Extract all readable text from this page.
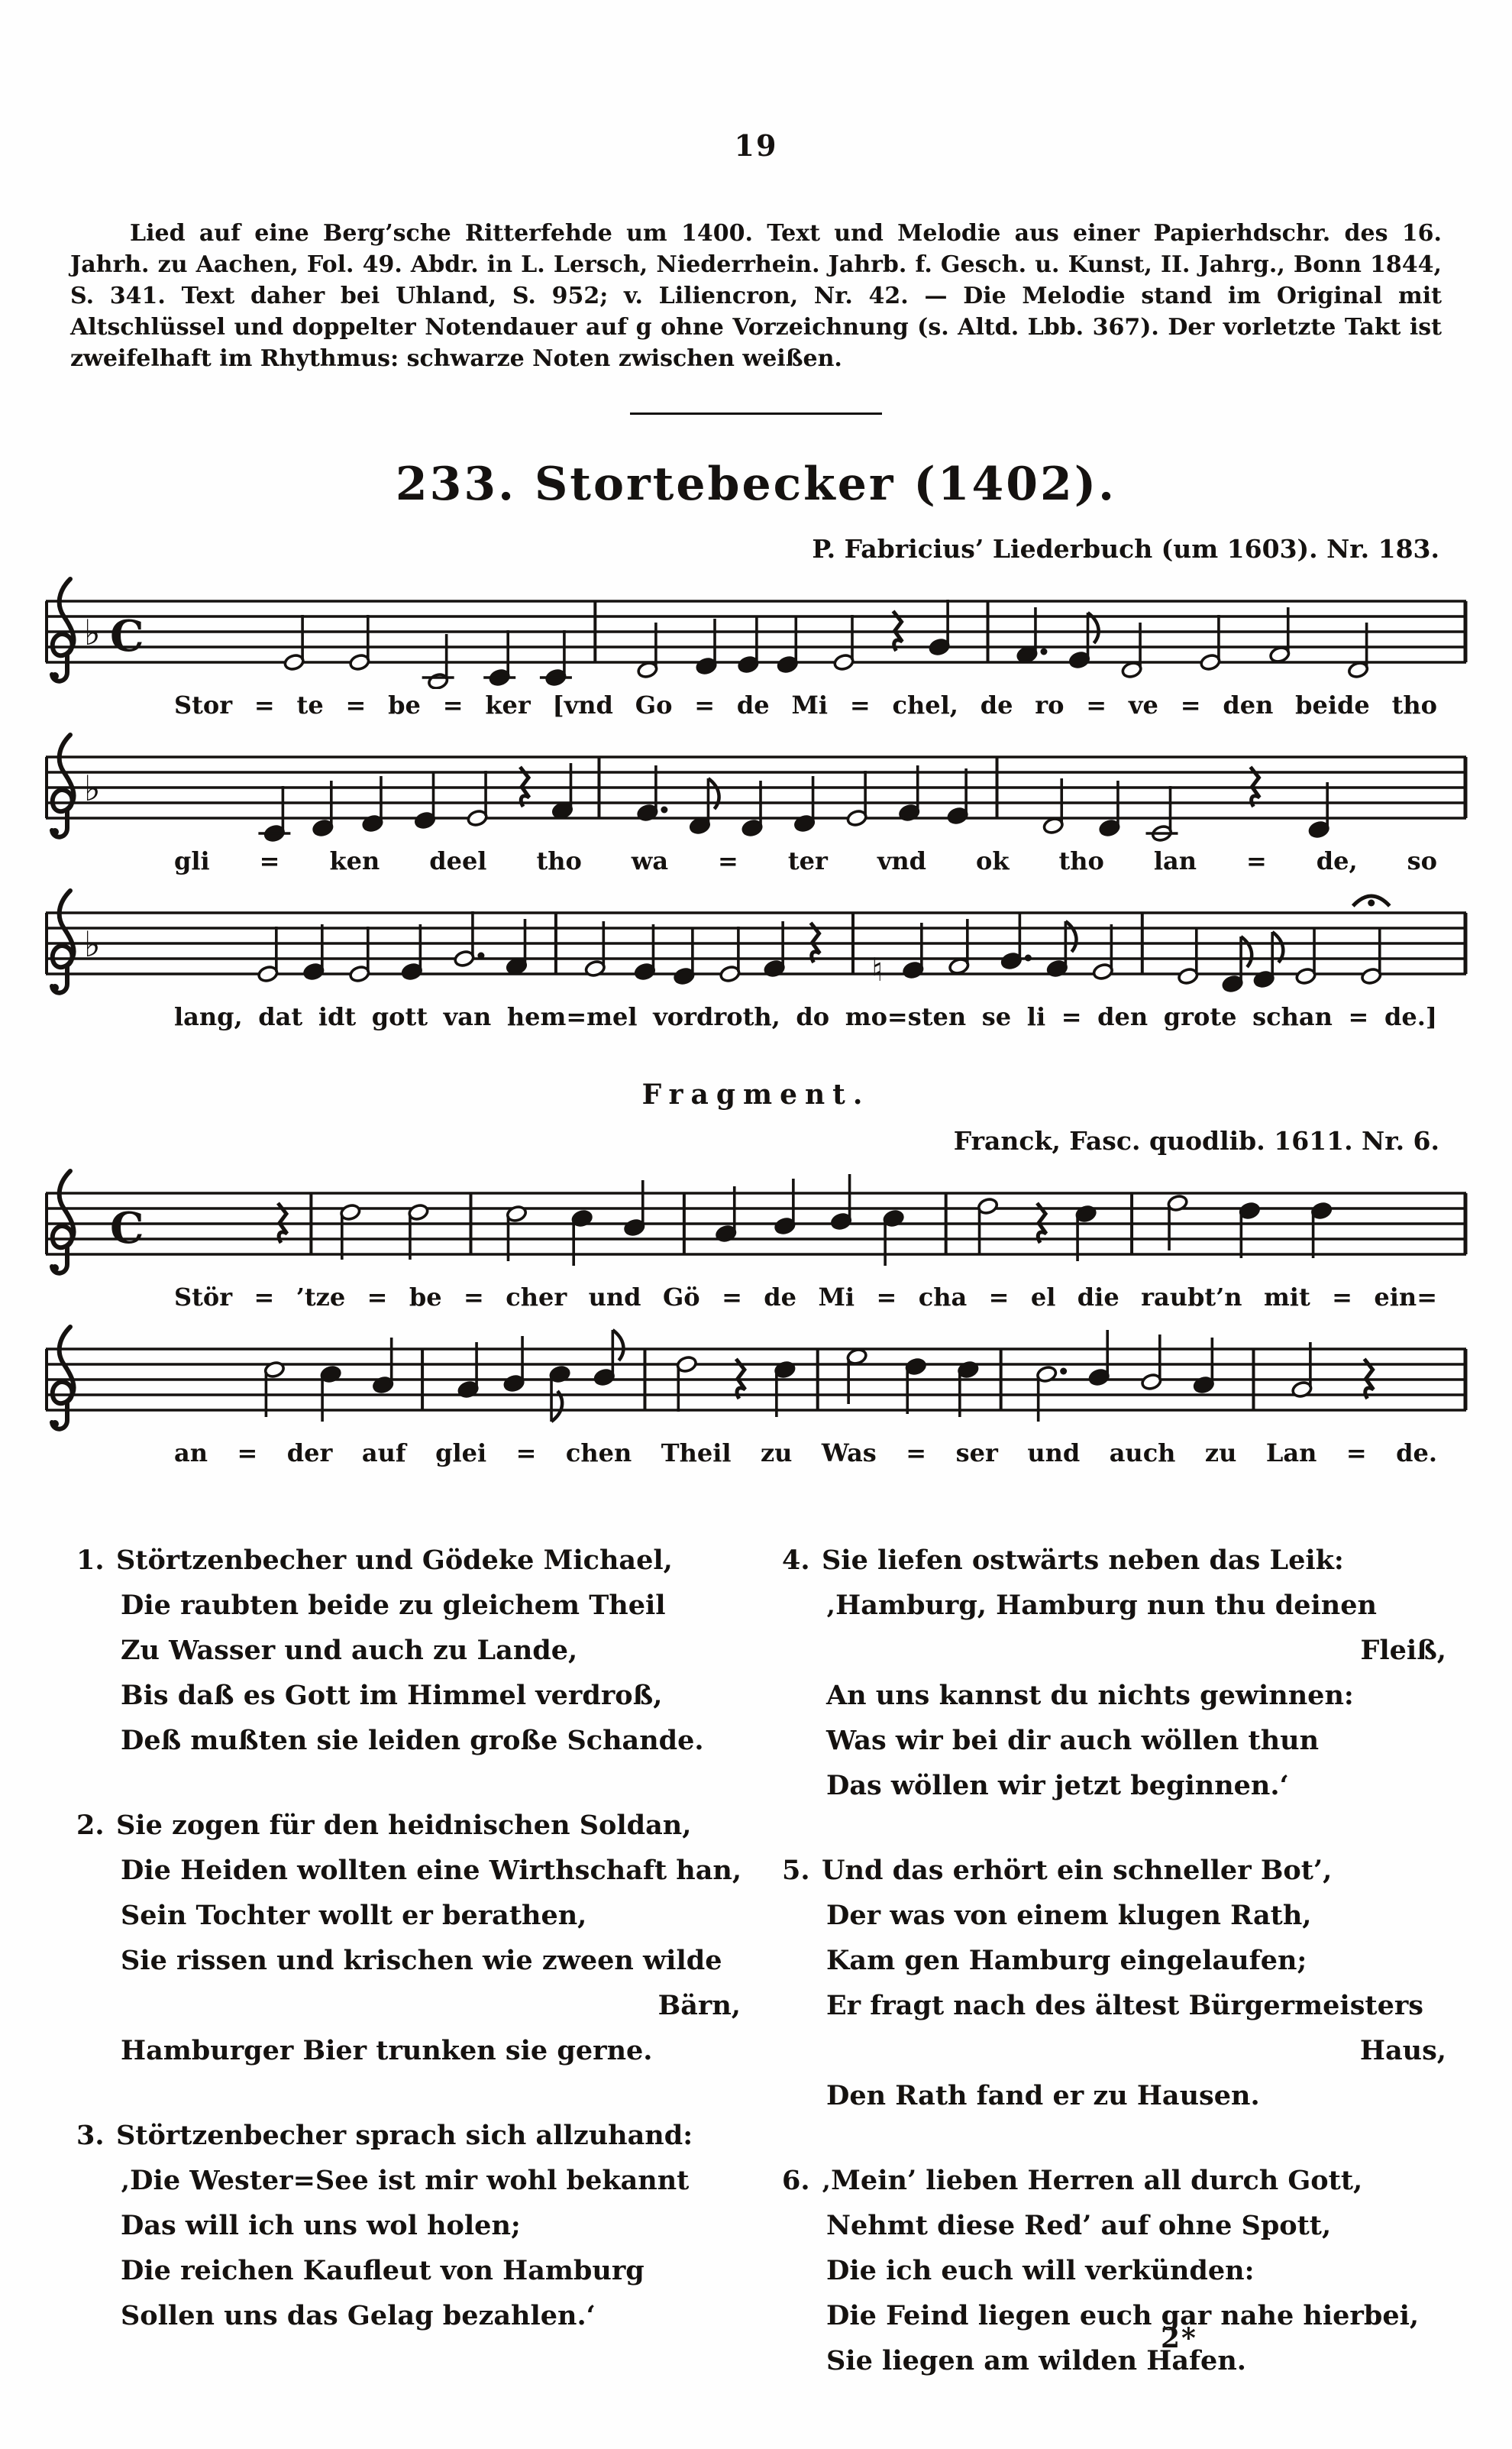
19
Lied auf eine Berg’sche Ritterfehde um 1400. Text und Melodie aus einer Papierhdschr. des 16. Jahrh. zu Aachen, Fol. 49. Abdr. in L. Lersch, Niederrhein. Jahrb. f. Gesch. u. Kunst, II. Jahrg., Bonn 1844, S. 341. Text daher bei Uhland, S. 952; v. Liliencron, Nr. 42. — Die Melodie stand im Original mit Altschlüssel und doppelter Notendauer auf g ohne Vorzeichnung (s. Altd. Lbb. 367). Der vorletzte Takt ist zweifelhaft im Rhythmus: schwarze Noten zwischen weißen.
233. Stortebecker (1402).
P. Fabricius’ Liederbuch (um 1603). Nr. 183.
♭ C
Stor = te = be = ker [vnd Go = de Mi = chel, de ro = ve = den beide tho
♭
gli = ken deel tho wa = ter vnd ok tho lan = de, so
♭
♮
lang, dat idt gott van hem=mel vordroth, do mo=sten se li = den grote schan = de.]
Fragment.
Franck, Fasc. quodlib. 1611. Nr. 6.
C
Stör = ’tze = be = cher und Gö = de Mi = cha = el die raubt’n mit = ein=
an = der auf glei = chen Theil zu Was = ser und auch zu Lan = de.
1. Störtzenbecher und Gödeke Michael,
Die raubten beide zu gleichem Theil
Zu Wasser und auch zu Lande,
Bis daß es Gott im Himmel verdroß,
Deß mußten sie leiden große Schande.
2. Sie zogen für den heidnischen Soldan,
Die Heiden wollten eine Wirthschaft han,
Sein Tochter wollt er berathen,
Sie rissen und krischen wie zween wilde
Bärn,
Hamburger Bier trunken sie gerne.
3. Störtzenbecher sprach sich allzuhand:
‚Die Wester=See ist mir wohl bekannt
Das will ich uns wol holen;
Die reichen Kaufleut von Hamburg
Sollen uns das Gelag bezahlen.‘
4. Sie liefen ostwärts neben das Leik:
‚Hamburg, Hamburg nun thu deinen
Fleiß,
An uns kannst du nichts gewinnen:
Was wir bei dir auch wöllen thun
Das wöllen wir jetzt beginnen.‘
5. Und das erhört ein schneller Bot’,
Der was von einem klugen Rath,
Kam gen Hamburg eingelaufen;
Er fragt nach des ältest Bürgermeisters
Haus,
Den Rath fand er zu Hausen.
6. ‚Mein’ lieben Herren all durch Gott,
Nehmt diese Red’ auf ohne Spott,
Die ich euch will verkünden:
Die Feind liegen euch gar nahe hierbei,
Sie liegen am wilden Hafen.
2*
